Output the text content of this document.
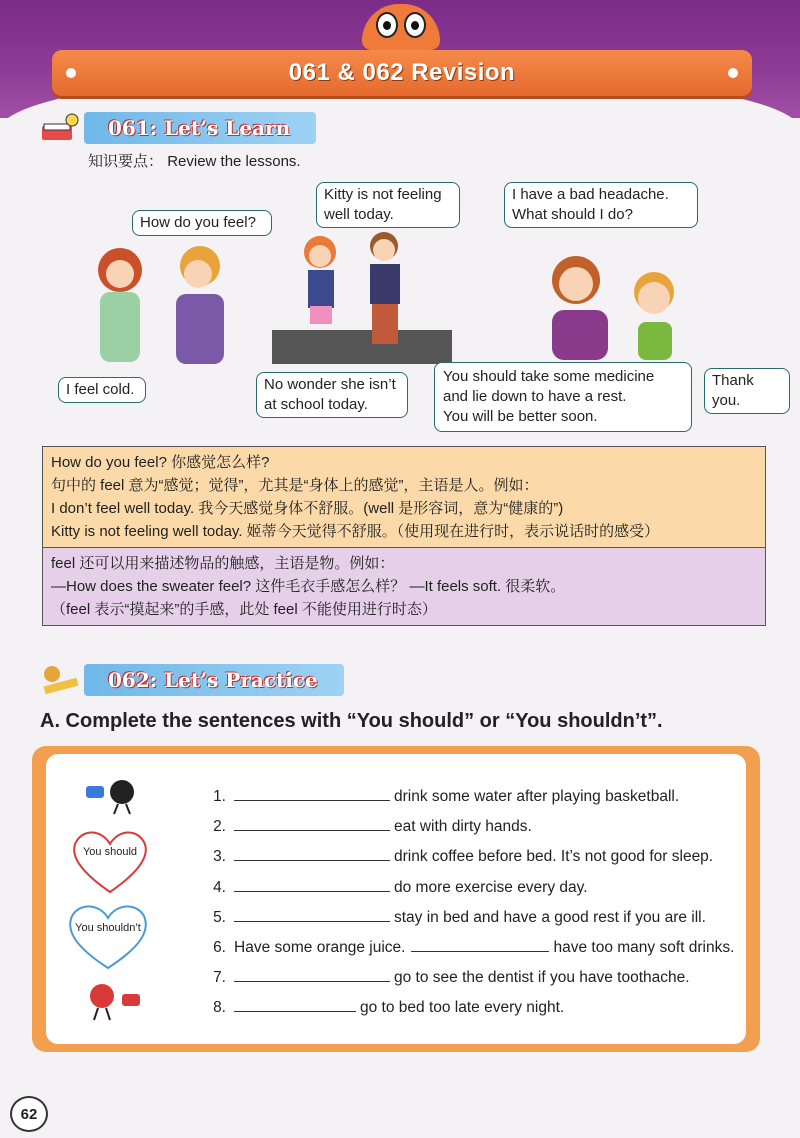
061 & 062 Revision
061: Let’s Learn
知识要点： Review the lessons.
How do you feel?
I feel cold.
Kitty is not feeling
well today.
No wonder she isn’t
at school today.
I have a bad headache.
What should I do?
You should take some medicine
and lie down to have a rest.
You will be better soon.
Thank you.
How do you feel? 你感觉怎么样?
句中的 feel 意为“感觉；觉得”，尤其是“身体上的感觉”，主语是人。例如：
I don’t feel well today. 我今天感觉身体不舒服。(well 是形容词，意为“健康的”)
Kitty is not feeling well today. 姬蒂今天觉得不舒服。（使用现在进行时，表示说话时的感受）
feel 还可以用来描述物品的触感，主语是物。例如：
—How does the sweater feel? 这件毛衣手感怎么样？ —It feels soft. 很柔软。
（feel 表示“摸起来”的手感，此处 feel 不能使用进行时态）
062: Let’s Practice
A. Complete the sentences with “You should” or “You shouldn’t”.
You should
You shouldn’t
1.	drink some water after playing basketball.
2.	eat with dirty hands.
3.	drink coffee before bed. It’s not good for sleep.
4.	do more exercise every day.
5.	stay in bed and have a good rest if you are ill.
6. Have some orange juice.	have too many soft drinks.
7.	go to see the dentist if you have toothache.
8.	go to bed too late every night.
62
